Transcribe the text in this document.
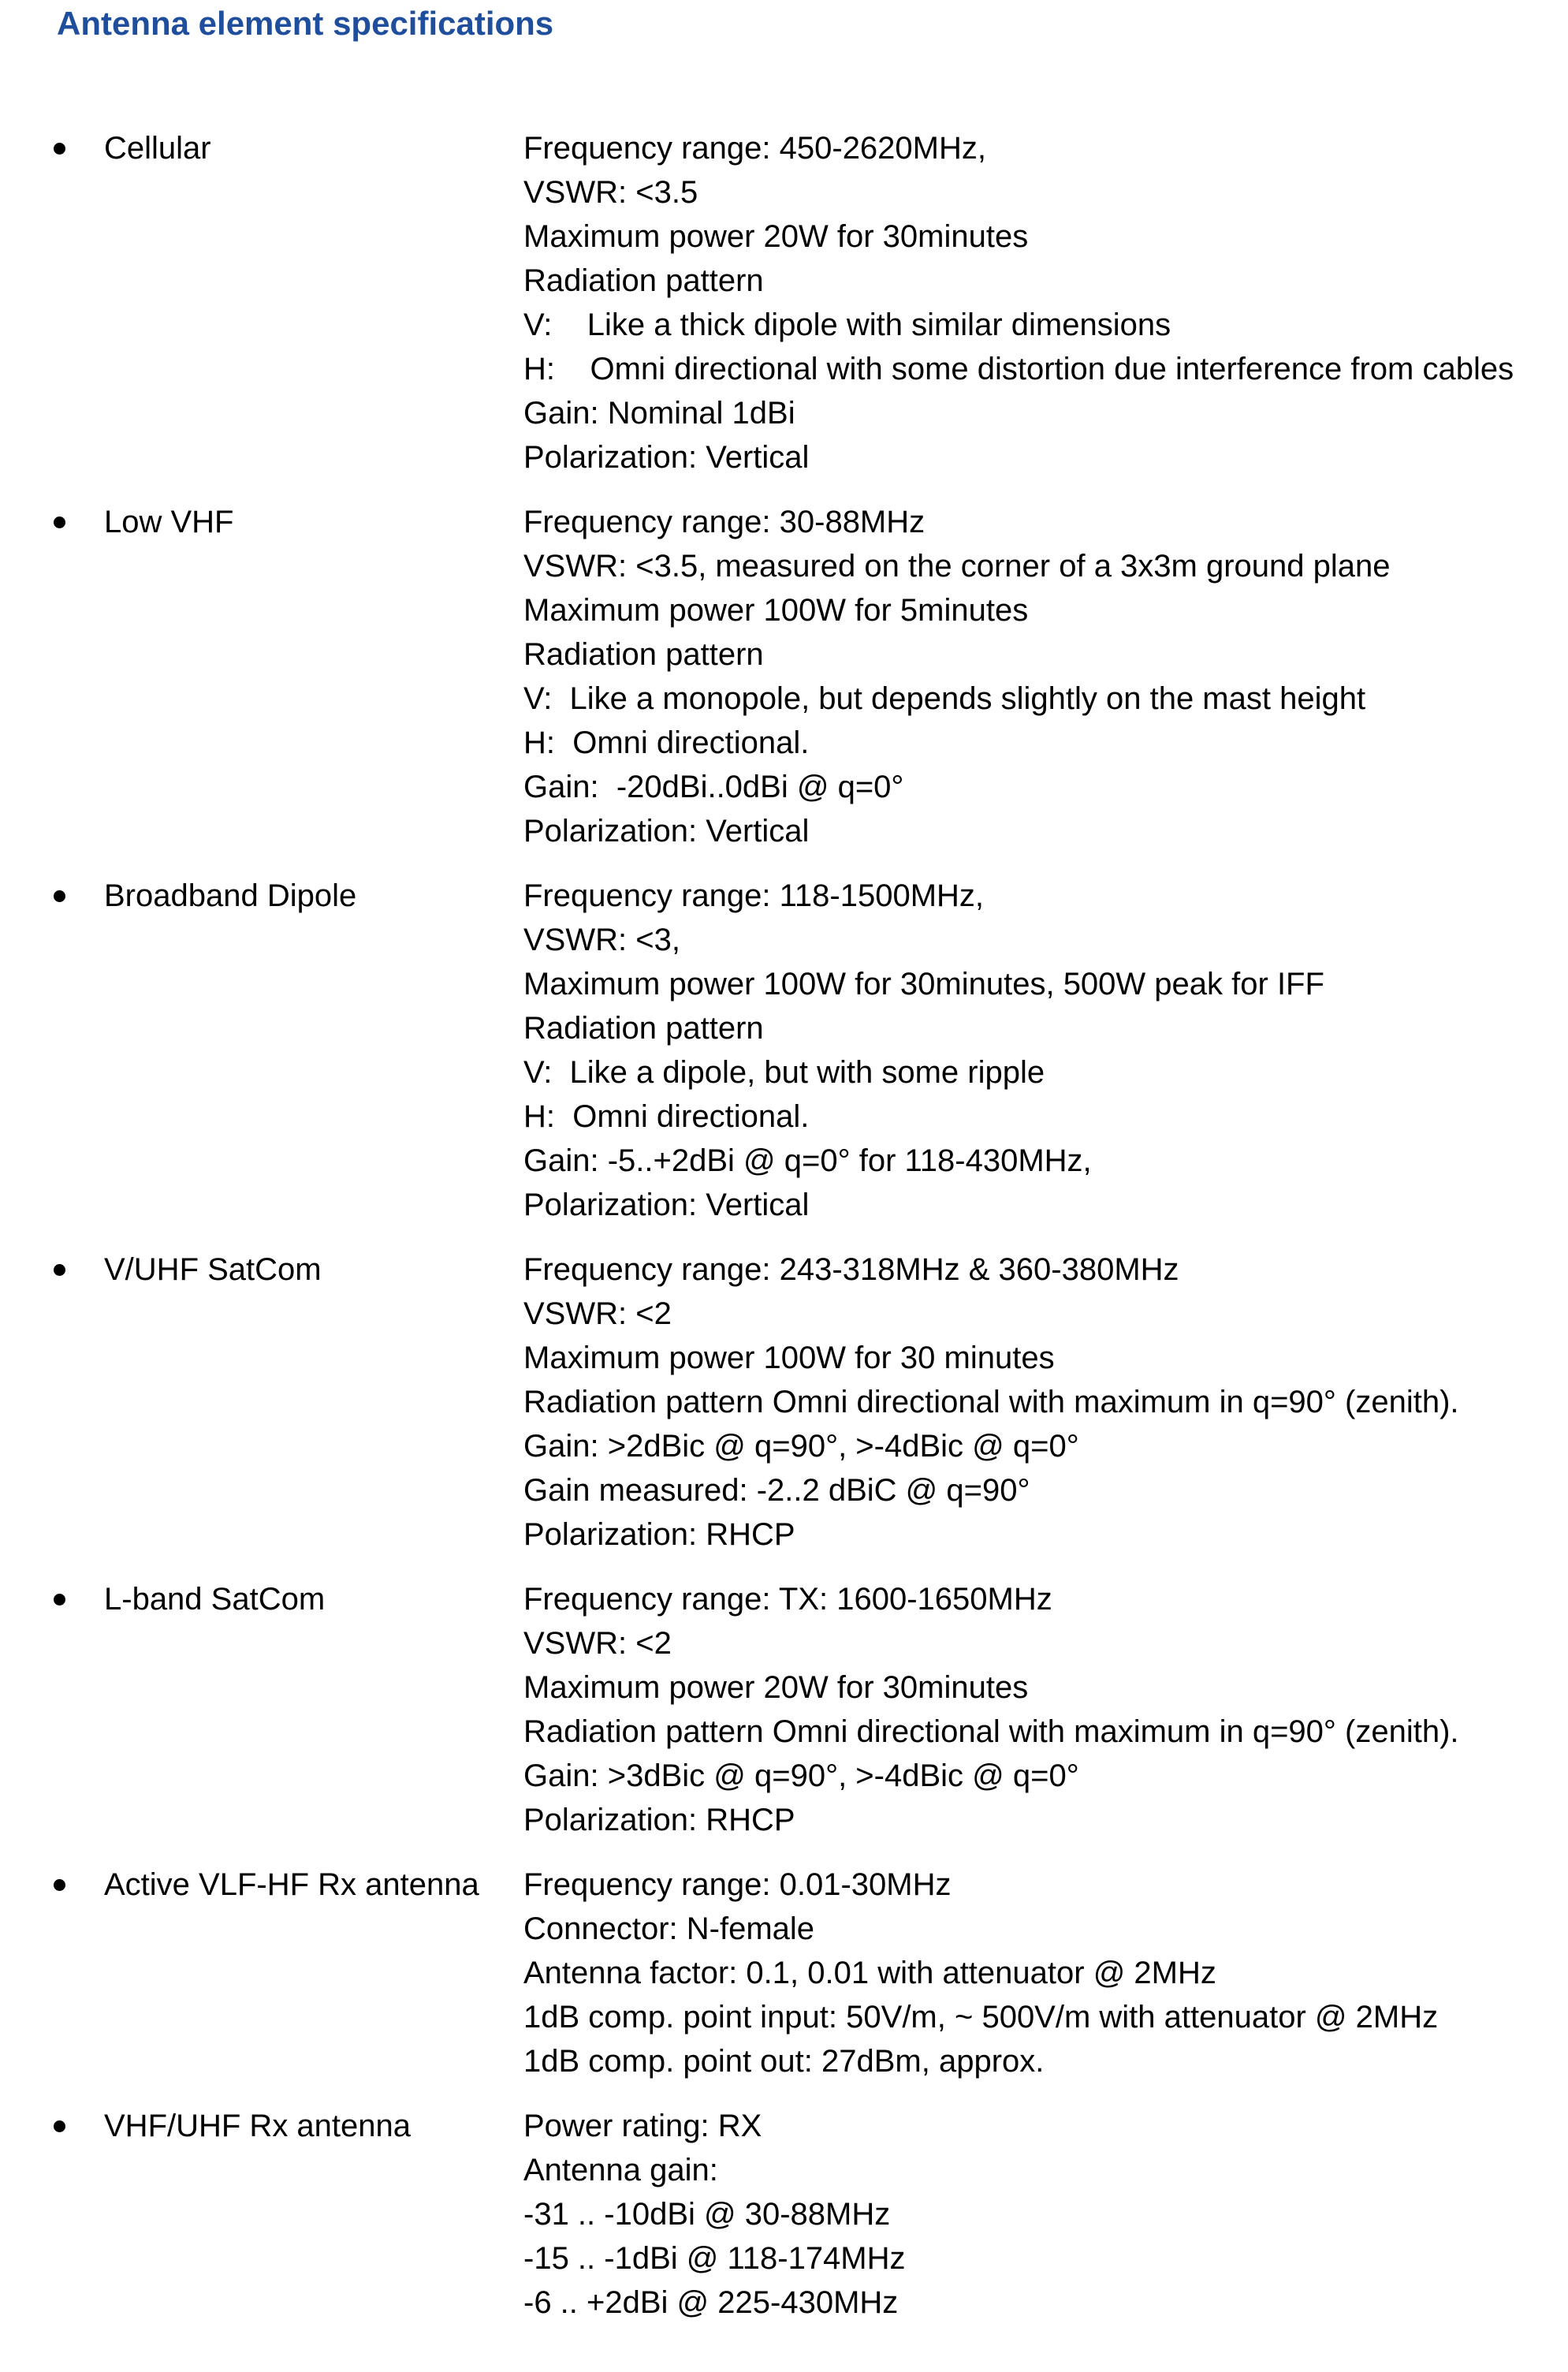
Antenna element specifications
Cellular	Frequency range: 450-2620MHz,
VSWR: <3.5
Maximum power 20W for 30minutes
Radiation pattern
V:    Like a thick dipole with similar dimensions
H:    Omni directional with some distortion due interference from cables
Gain: Nominal 1dBi
Polarization: Vertical
Low VHF	Frequency range: 30-88MHz
VSWR: <3.5, measured on the corner of a 3x3m ground plane
Maximum power 100W for 5minutes
Radiation pattern
V:  Like a monopole, but depends slightly on the mast height
H:  Omni directional.
Gain:  -20dBi..0dBi @ q=0°
Polarization: Vertical
Broadband Dipole	Frequency range: 118-1500MHz,
VSWR: <3,
Maximum power 100W for 30minutes, 500W peak for IFF
Radiation pattern
V:  Like a dipole, but with some ripple
H:  Omni directional.
Gain: -5..+2dBi @ q=0° for 118-430MHz,
Polarization: Vertical
V/UHF SatCom	Frequency range: 243-318MHz & 360-380MHz
VSWR: <2
Maximum power 100W for 30 minutes
Radiation pattern Omni directional with maximum in q=90° (zenith).
Gain: >2dBic @ q=90°, >-4dBic @ q=0°
Gain measured: -2..2 dBiC @ q=90°
Polarization: RHCP
L-band SatCom	Frequency range: TX: 1600-1650MHz
VSWR: <2
Maximum power 20W for 30minutes
Radiation pattern Omni directional with maximum in q=90° (zenith).
Gain: >3dBic @ q=90°, >-4dBic @ q=0°
Polarization: RHCP
Active VLF-HF Rx antenna	Frequency range: 0.01-30MHz
Connector: N-female
Antenna factor: 0.1, 0.01 with attenuator @ 2MHz
1dB comp. point input: 50V/m, ~ 500V/m with attenuator @ 2MHz
1dB comp. point out: 27dBm, approx.
VHF/UHF Rx antenna	Power rating: RX
Antenna gain:
-31 .. -10dBi @ 30-88MHz
-15 .. -1dBi @ 118-174MHz
-6 .. +2dBi @ 225-430MHz
